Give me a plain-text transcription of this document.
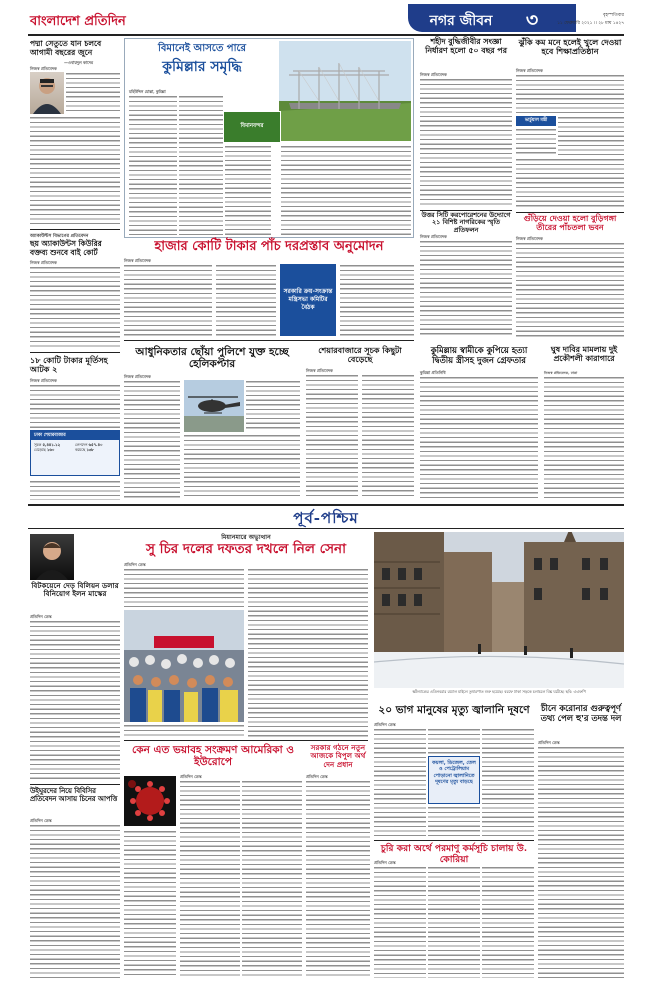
বাংলাদেশ প্রতিদিন	নগর জীবন	৩	বৃহস্পতিবার
১১ ফেব্রুয়ারি ২০২১ ।। ২৮ মাঘ ১৪২৭
পদ্মা সেতুতে যান চলবে আগামী বছরের জুনে
—ওবায়দুল কাদের
নিজস্ব প্রতিবেদক
অ্যাকাউন্টস বিভাগের প্রতিবেদন
ছয় অ্যাকাউন্টস কিউরির বক্তব্য শুনবে বাই কোর্ট
নিজস্ব প্রতিবেদক
১৮ কোটি টাকার মূর্তিসহ আটক ২
নিজস্ব প্রতিবেদক
ঢাকা শেয়ারবাজার
সূচক ৫,৪৪১.১২	লেনদেন ৬৫৭.৪০
বেড়েছে ১৬০	কমেছে ১৩৮
বিমানেই আসতে পারে
কুমিল্লার সমৃদ্ধি
বিমানবন্দর
মহিউদ্দিন মোল্লা, কুমিল্লা
হাজার কোটি টাকার পাঁচ দরপ্রস্তাব অনুমোদন
নিজস্ব প্রতিবেদক
সরকারি ক্রয়-সংক্রান্ত মন্ত্রিসভা কমিটির বৈঠক
আধুনিকতার ছোঁয়া পুলিশে যুক্ত হচ্ছে হেলিকপ্টার
নিজস্ব প্রতিবেদক
শেয়ারবাজারে সূচক কিছুটা বেড়েছে
নিজস্ব প্রতিবেদক
শহীদ বুদ্ধিজীবীর সংজ্ঞা নির্ধারণ হলো ৫০ বছর পর
নিজস্ব প্রতিবেদক
উত্তর সিটি করপোরেশনের উদ্যোগে ২১ বিশিষ্ট নাগরিকের স্মৃতি প্রতিফলন
নিজস্ব প্রতিবেদক
ঝুঁকি কম মনে হলেই খুলে দেওয়া হবে শিক্ষাপ্রতিষ্ঠান
নিজস্ব প্রতিবেদক
ভার্চুয়াল মন্ত্রী
গুঁড়িয়ে দেওয়া হলো বুড়িগঙ্গা তীরের পাঁচতলা ভবন
নিজস্ব প্রতিবেদক
কুমিল্লায় স্বামীকে কুপিয়ে হত্যা দ্বিতীয় স্ত্রীসহ দুজন গ্রেফতার
কুমিল্লা প্রতিনিধি
ঘুষ দাবির মামলায় দুই প্রকৌশলী কারাগারে
নিজস্ব প্রতিবেদক, ঢাকা
পূর্ব-পশ্চিম
বিটকয়েনে দেড় বিলিয়ন ডলার বিনিয়োগ ইলন মাস্কের
প্রতিদিন ডেস্ক
উইঘুরদের নিয়ে বিবিসির প্রতিবেদন আসায় চিনের আপত্তি
প্রতিদিন ডেস্ক
মিয়ানমারে অভ্যুত্থান
সু চির দলের দফতর দখলে নিল সেনা
প্রতিদিন ডেস্ক
কেন এত ভয়াবহ সংক্রমণ আমেরিকা ও ইউরোপে
প্রতিদিন ডেস্ক
সরকার গঠনে নতুন আজকে বিপুল অর্থ দেন প্রধান
প্রতিদিন ডেস্ক
স্কটল্যান্ডের এডিনবরার রয়্যাল মাইলে তুষারপাত শুরু হয়েছে। বরফে ঢাকা সড়কে চলাচলে বিঘ্ন ঘটেছে। ছবি: এএফপি
২০ ভাগ মানুষের মৃত্যু জ্বালানি দূষণে
প্রতিদিন ডেস্ক
কয়লা, ডিজেল, তেল ও পেট্রোলিয়াম পোড়ানো জ্বালানিতে দূষণের মৃত্যু বাড়ছে
চুরি করা অর্থে পরমাণু কর্মসূচি চালায় উ. কোরিয়া
প্রতিদিন ডেস্ক
চীনে করোনার গুরুত্বপূর্ণ তথ্য পেল হু'র তদন্ত দল
প্রতিদিন ডেস্ক
